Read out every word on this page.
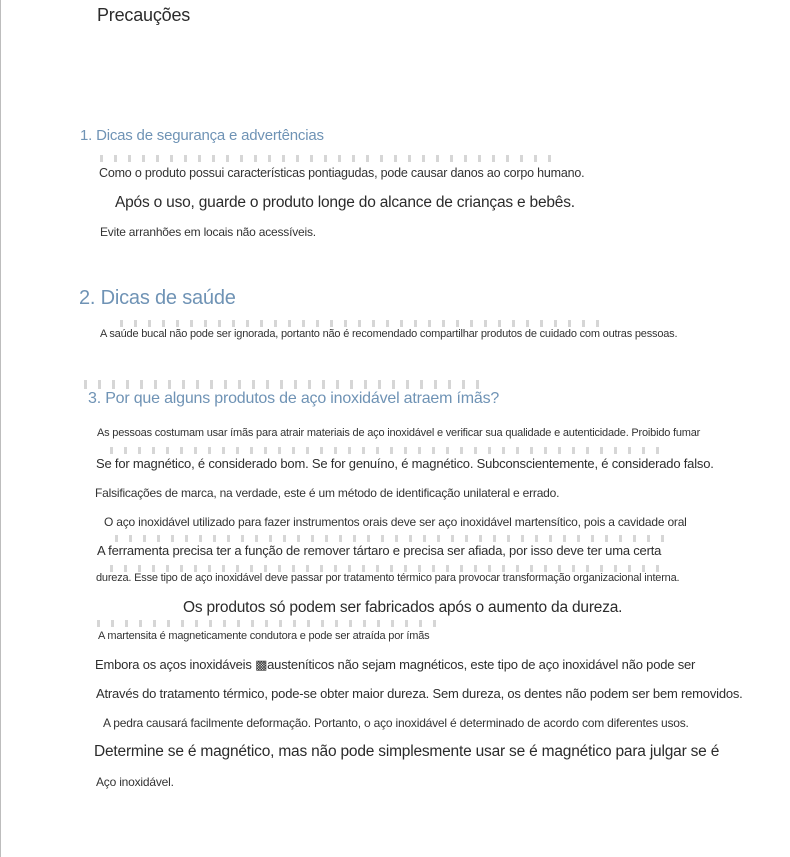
Precauções
1. Dicas de segurança e advertências
Como o produto possui características pontiagudas, pode causar danos ao corpo humano.
Após o uso, guarde o produto longe do alcance de crianças e bebês.
Evite arranhões em locais não acessíveis.
2. Dicas de saúde
A saúde bucal não pode ser ignorada, portanto não é recomendado compartilhar produtos de cuidado com outras pessoas.
3. Por que alguns produtos de aço inoxidável atraem ímãs?
As pessoas costumam usar ímãs para atrair materiais de aço inoxidável e verificar sua qualidade e autenticidade. Proibido fumar
Se for magnético, é considerado bom. Se for genuíno, é magnético. Subconscientemente, é considerado falso.
Falsificações de marca, na verdade, este é um método de identificação unilateral e errado.
O aço inoxidável utilizado para fazer instrumentos orais deve ser aço inoxidável martensítico, pois a cavidade oral
A ferramenta precisa ter a função de remover tártaro e precisa ser afiada, por isso deve ter uma certa
dureza. Esse tipo de aço inoxidável deve passar por tratamento térmico para provocar transformação organizacional interna.
Os produtos só podem ser fabricados após o aumento da dureza.
A martensita é magneticamente condutora e pode ser atraída por ímãs
Embora os aços inoxidáveis ▩austeníticos não sejam magnéticos, este tipo de aço inoxidável não pode ser
Através do tratamento térmico, pode-se obter maior dureza. Sem dureza, os dentes não podem ser bem removidos.
A pedra causará facilmente deformação. Portanto, o aço inoxidável é determinado de acordo com diferentes usos.
Determine se é magnético, mas não pode simplesmente usar se é magnético para julgar se é
Aço inoxidável.
